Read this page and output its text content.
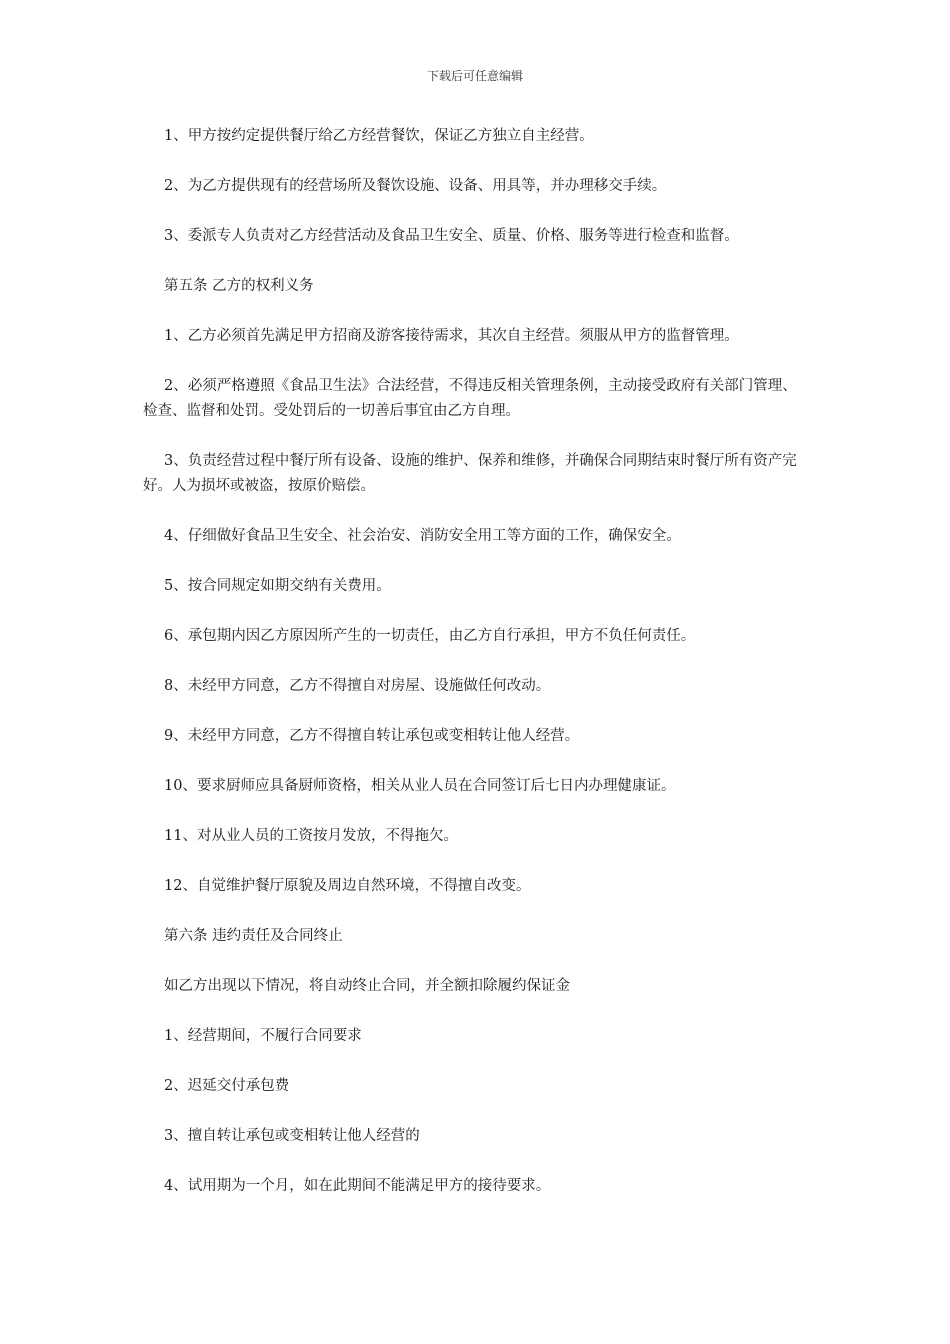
下载后可任意编辑

1、甲方按约定提供餐厅给乙方经营餐饮，保证乙方独立自主经营。

2、为乙方提供现有的经营场所及餐饮设施、设备、用具等，并办理移交手续。

3、委派专人负责对乙方经营活动及食品卫生安全、质量、价格、服务等进行检查和监督。

第五条 乙方的权利义务

1、乙方必须首先满足甲方招商及游客接待需求，其次自主经营。须服从甲方的监督管理。

2、必须严格遵照《食品卫生法》合法经营，不得违反相关管理条例，主动接受政府有关部门管理、检查、监督和处罚。受处罚后的一切善后事宜由乙方自理。

3、负责经营过程中餐厅所有设备、设施的维护、保养和维修，并确保合同期结束时餐厅所有资产完好。人为损坏或被盗，按原价赔偿。

4、仔细做好食品卫生安全、社会治安、消防安全用工等方面的工作，确保安全。

5、按合同规定如期交纳有关费用。

6、承包期内因乙方原因所产生的一切责任，由乙方自行承担，甲方不负任何责任。

8、未经甲方同意，乙方不得擅自对房屋、设施做任何改动。

9、未经甲方同意，乙方不得擅自转让承包或变相转让他人经营。

10、要求厨师应具备厨师资格，相关从业人员在合同签订后七日内办理健康证。

11、对从业人员的工资按月发放，不得拖欠。

12、自觉维护餐厅原貌及周边自然环境，不得擅自改变。

第六条 违约责任及合同终止

如乙方出现以下情况，将自动终止合同，并全额扣除履约保证金

1、经营期间，不履行合同要求

2、迟延交付承包费

3、擅自转让承包或变相转让他人经营的

4、试用期为一个月，如在此期间不能满足甲方的接待要求。
